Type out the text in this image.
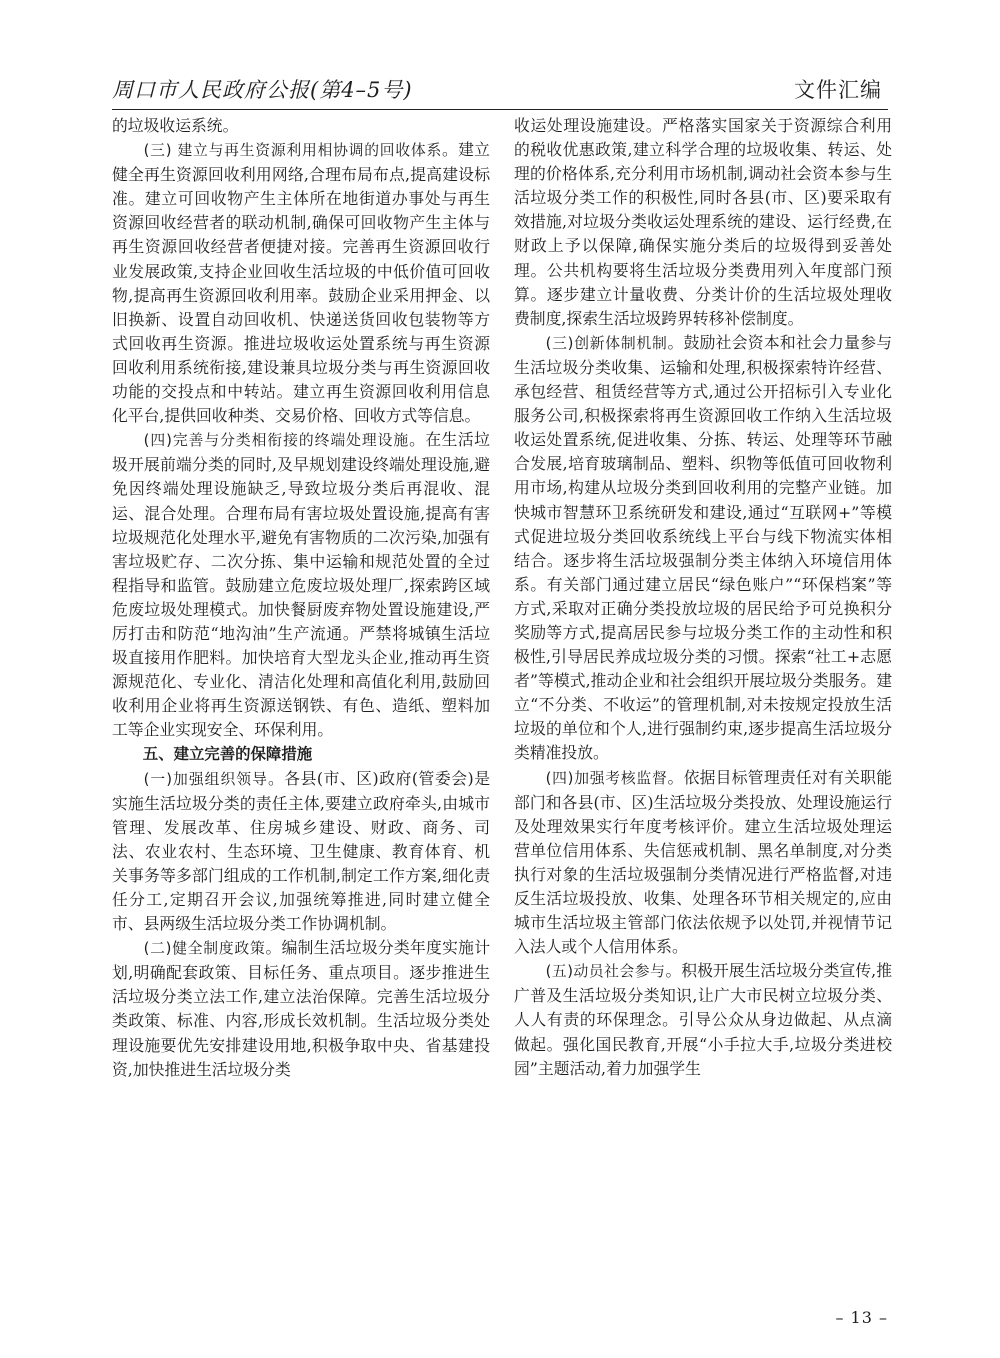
周口市人民政府公报(第4–5号)	文件汇编

的垃圾收运系统。

(三) 建立与再生资源利用相协调的回收体系。建立健全再生资源回收利用网络,合理布局布点,提高建设标准。建立可回收物产生主体所在地街道办事处与再生资源回收经营者的联动机制,确保可回收物产生主体与再生资源回收经营者便捷对接。完善再生资源回收行业发展政策,支持企业回收生活垃圾的中低价值可回收物,提高再生资源回收利用率。鼓励企业采用押金、以旧换新、设置自动回收机、快递送货回收包装物等方式回收再生资源。推进垃圾收运处置系统与再生资源回收利用系统衔接,建设兼具垃圾分类与再生资源回收功能的交投点和中转站。建立再生资源回收利用信息化平台,提供回收种类、交易价格、回收方式等信息。

(四)完善与分类相衔接的终端处理设施。在生活垃圾开展前端分类的同时,及早规划建设终端处理设施,避免因终端处理设施缺乏,导致垃圾分类后再混收、混运、混合处理。合理布局有害垃圾处置设施,提高有害垃圾规范化处理水平,避免有害物质的二次污染,加强有害垃圾贮存、二次分拣、集中运输和规范处置的全过程指导和监管。鼓励建立危废垃圾处理厂,探索跨区域危废垃圾处理模式。加快餐厨废弃物处置设施建设,严厉打击和防范“地沟油”生产流通。严禁将城镇生活垃圾直接用作肥料。加快培育大型龙头企业,推动再生资源规范化、专业化、清洁化处理和高值化利用,鼓励回收利用企业将再生资源送钢铁、有色、造纸、塑料加工等企业实现安全、环保利用。

五、建立完善的保障措施

(一)加强组织领导。各县(市、区)政府(管委会)是实施生活垃圾分类的责任主体,要建立政府牵头,由城市管理、发展改革、住房城乡建设、财政、商务、司法、农业农村、生态环境、卫生健康、教育体育、机关事务等多部门组成的工作机制,制定工作方案,细化责任分工,定期召开会议,加强统筹推进,同时建立健全市、县两级生活垃圾分类工作协调机制。

(二)健全制度政策。编制生活垃圾分类年度实施计划,明确配套政策、目标任务、重点项目。逐步推进生活垃圾分类立法工作,建立法治保障。完善生活垃圾分类政策、标准、内容,形成长效机制。生活垃圾分类处理设施要优先安排建设用地,积极争取中央、省基建投资,加快推进生活垃圾分类

收运处理设施建设。严格落实国家关于资源综合利用的税收优惠政策,建立科学合理的垃圾收集、转运、处理的价格体系,充分利用市场机制,调动社会资本参与生活垃圾分类工作的积极性,同时各县(市、区)要采取有效措施,对垃圾分类收运处理系统的建设、运行经费,在财政上予以保障,确保实施分类后的垃圾得到妥善处理。公共机构要将生活垃圾分类费用列入年度部门预算。逐步建立计量收费、分类计价的生活垃圾处理收费制度,探索生活垃圾跨界转移补偿制度。

(三)创新体制机制。鼓励社会资本和社会力量参与生活垃圾分类收集、运输和处理,积极探索特许经营、承包经营、租赁经营等方式,通过公开招标引入专业化服务公司,积极探索将再生资源回收工作纳入生活垃圾收运处置系统,促进收集、分拣、转运、处理等环节融合发展,培育玻璃制品、塑料、织物等低值可回收物利用市场,构建从垃圾分类到回收利用的完整产业链。加快城市智慧环卫系统研发和建设,通过“互联网+”等模式促进垃圾分类回收系统线上平台与线下物流实体相结合。逐步将生活垃圾强制分类主体纳入环境信用体系。有关部门通过建立居民“绿色账户”“环保档案”等方式,采取对正确分类投放垃圾的居民给予可兑换积分奖励等方式,提高居民参与垃圾分类工作的主动性和积极性,引导居民养成垃圾分类的习惯。探索“社工+志愿者”等模式,推动企业和社会组织开展垃圾分类服务。建立“不分类、不收运”的管理机制,对未按规定投放生活垃圾的单位和个人,进行强制约束,逐步提高生活垃圾分类精准投放。

(四)加强考核监督。依据目标管理责任对有关职能部门和各县(市、区)生活垃圾分类投放、处理设施运行及处理效果实行年度考核评价。建立生活垃圾处理运营单位信用体系、失信惩戒机制、黑名单制度,对分类执行对象的生活垃圾强制分类情况进行严格监督,对违反生活垃圾投放、收集、处理各环节相关规定的,应由城市生活垃圾主管部门依法依规予以处罚,并视情节记入法人或个人信用体系。

(五)动员社会参与。积极开展生活垃圾分类宣传,推广普及生活垃圾分类知识,让广大市民树立垃圾分类、人人有责的环保理念。引导公众从身边做起、从点滴做起。强化国民教育,开展“小手拉大手,垃圾分类进校园”主题活动,着力加强学生

– 13 –
